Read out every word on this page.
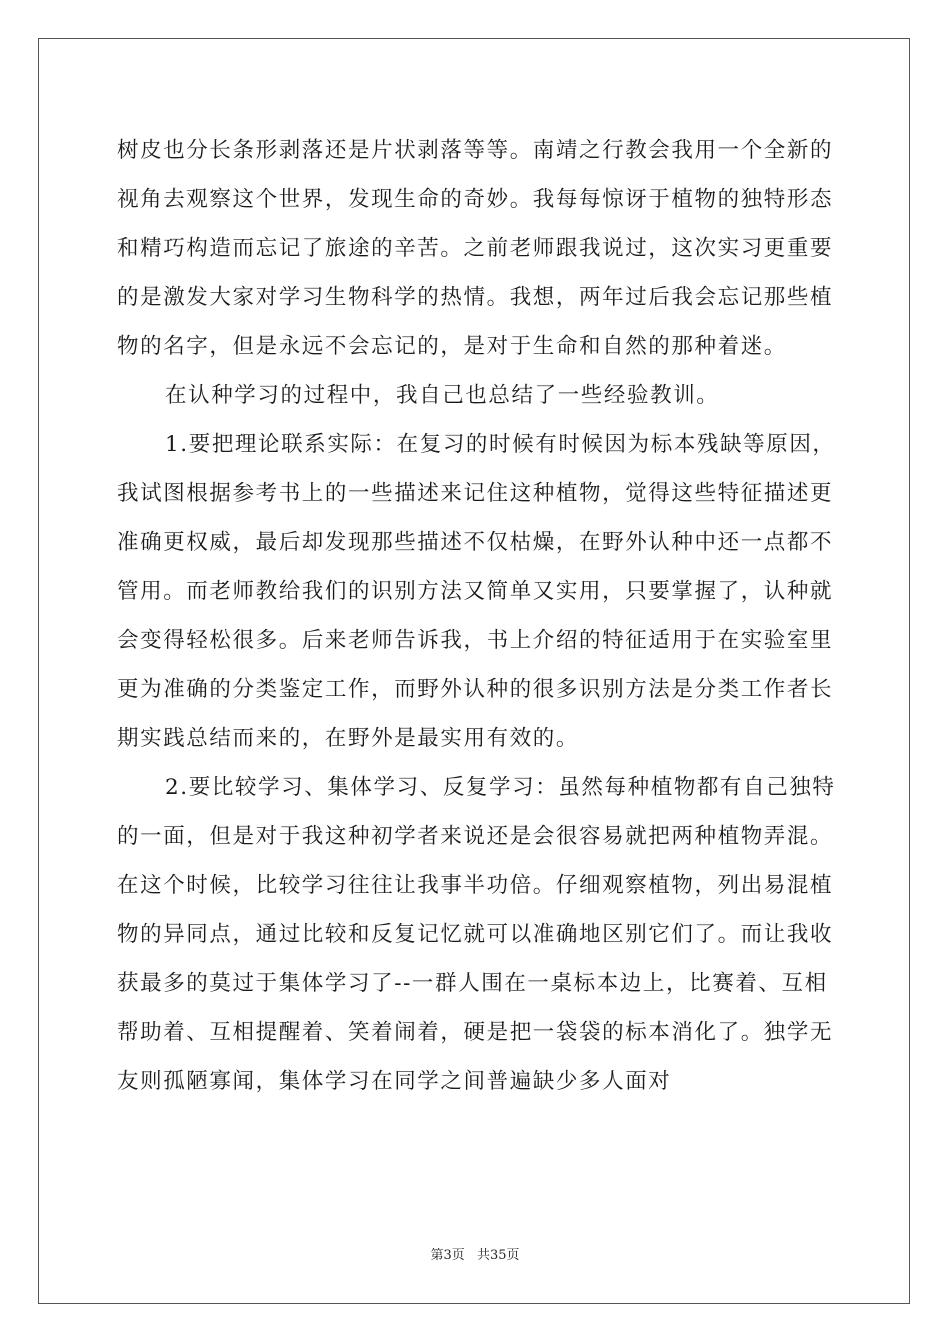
树皮也分长条形剥落还是片状剥落等等。南靖之行教会我用一个全新的视角去观察这个世界，发现生命的奇妙。我每每惊讶于植物的独特形态和精巧构造而忘记了旅途的辛苦。之前老师跟我说过，这次实习更重要的是激发大家对学习生物科学的热情。我想，两年过后我会忘记那些植物的名字，但是永远不会忘记的，是对于生命和自然的那种着迷。

在认种学习的过程中，我自己也总结了一些经验教训。

1.要把理论联系实际：在复习的时候有时候因为标本残缺等原因，我试图根据参考书上的一些描述来记住这种植物，觉得这些特征描述更准确更权威，最后却发现那些描述不仅枯燥，在野外认种中还一点都不管用。而老师教给我们的识别方法又简单又实用，只要掌握了，认种就会变得轻松很多。后来老师告诉我，书上介绍的特征适用于在实验室里更为准确的分类鉴定工作，而野外认种的很多识别方法是分类工作者长期实践总结而来的，在野外是最实用有效的。

2.要比较学习、集体学习、反复学习：虽然每种植物都有自己独特的一面，但是对于我这种初学者来说还是会很容易就把两种植物弄混。在这个时候，比较学习往往让我事半功倍。仔细观察植物，列出易混植物的异同点，通过比较和反复记忆就可以准确地区别它们了。而让我收获最多的莫过于集体学习了--一群人围在一桌标本边上，比赛着、互相帮助着、互相提醒着、笑着闹着，硬是把一袋袋的标本消化了。独学无友则孤陋寡闻，集体学习在同学之间普遍缺少多人面对

第3页 共35页
